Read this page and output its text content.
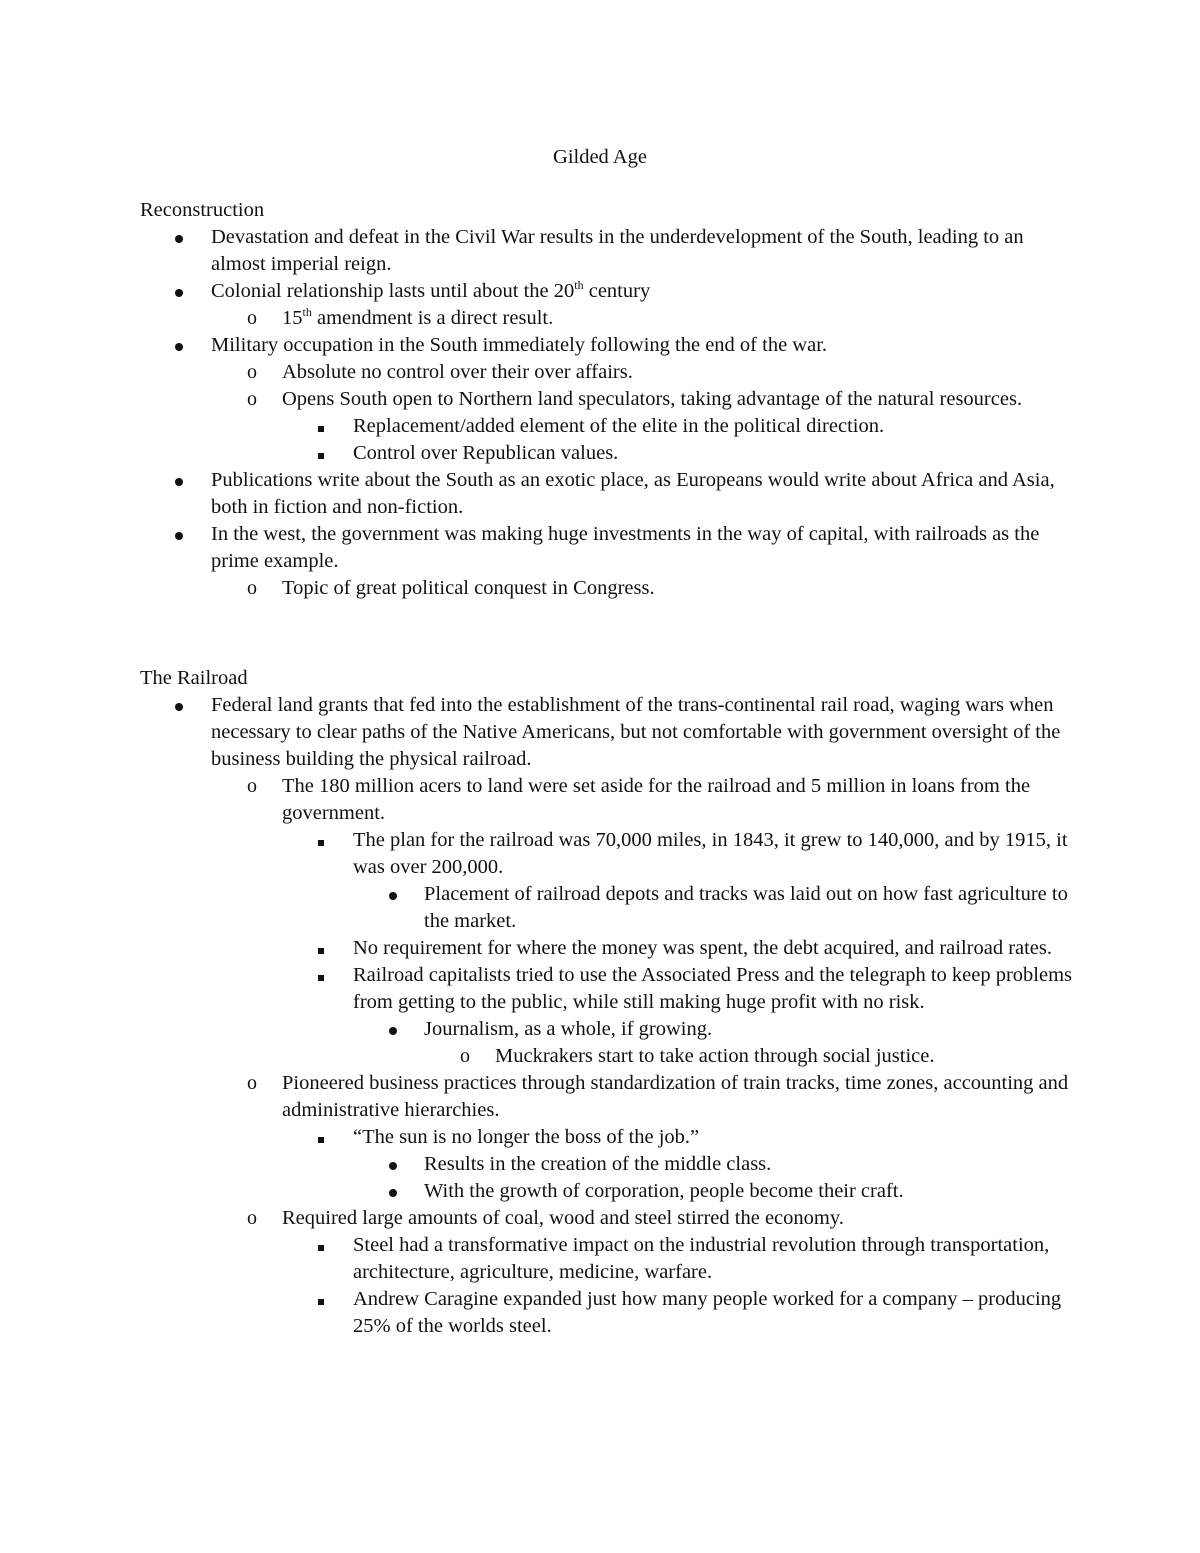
Gilded Age
Reconstruction
Devastation and defeat in the Civil War results in the underdevelopment of the South, leading to an almost imperial reign.
Colonial relationship lasts until about the 20th century
o 15th amendment is a direct result.
Military occupation in the South immediately following the end of the war.
o Absolute no control over their over affairs.
o Opens South open to Northern land speculators, taking advantage of the natural resources.
Replacement/added element of the elite in the political direction.
Control over Republican values.
Publications write about the South as an exotic place, as Europeans would write about Africa and Asia, both in fiction and non-fiction.
In the west, the government was making huge investments in the way of capital, with railroads as the prime example.
o Topic of great political conquest in Congress.
The Railroad
Federal land grants that fed into the establishment of the trans-continental rail road, waging wars when necessary to clear paths of the Native Americans, but not comfortable with government oversight of the business building the physical railroad.
o The 180 million acers to land were set aside for the railroad and 5 million in loans from the government.
The plan for the railroad was 70,000 miles, in 1843, it grew to 140,000, and by 1915, it was over 200,000.
Placement of railroad depots and tracks was laid out on how fast agriculture to the market.
No requirement for where the money was spent, the debt acquired, and railroad rates.
Railroad capitalists tried to use the Associated Press and the telegraph to keep problems from getting to the public, while still making huge profit with no risk.
Journalism, as a whole, if growing.
o Muckrakers start to take action through social justice.
o Pioneered business practices through standardization of train tracks, time zones, accounting and administrative hierarchies.
“The sun is no longer the boss of the job.”
Results in the creation of the middle class.
With the growth of corporation, people become their craft.
o Required large amounts of coal, wood and steel stirred the economy.
Steel had a transformative impact on the industrial revolution through transportation, architecture, agriculture, medicine, warfare.
Andrew Caragine expanded just how many people worked for a company – producing 25% of the worlds steel.
